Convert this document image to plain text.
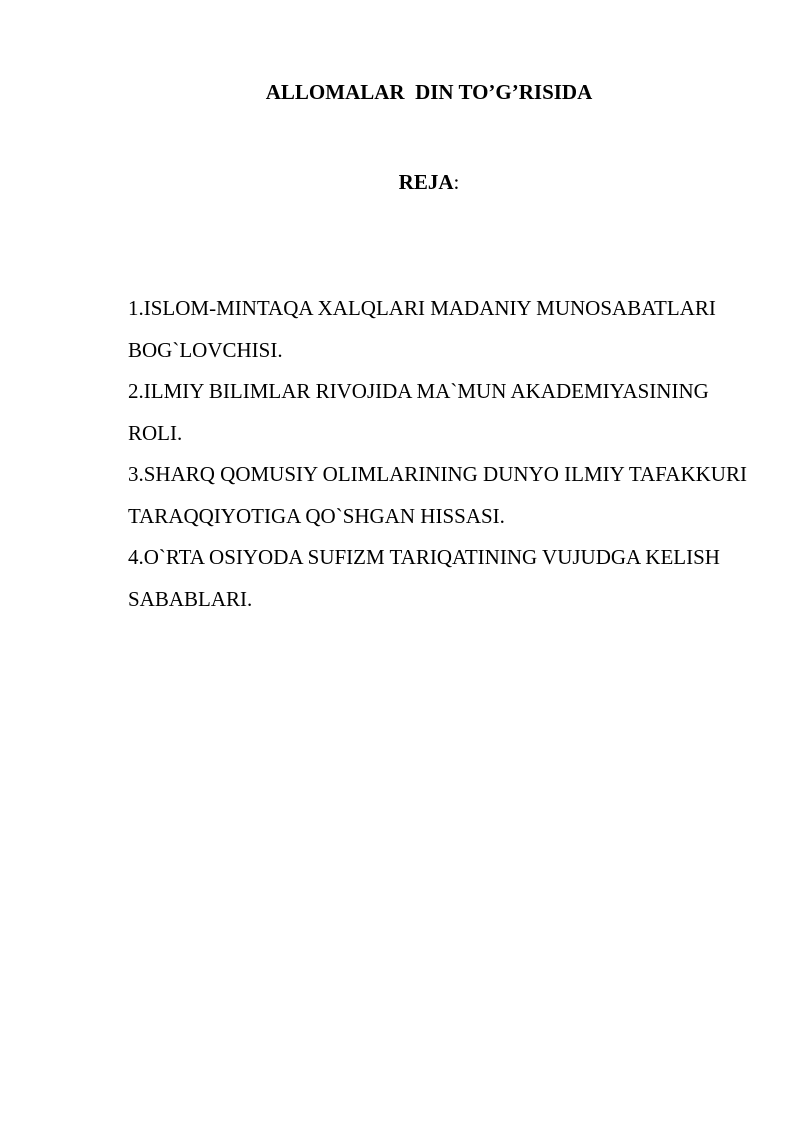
ALLOMALAR  DIN TO’G’RISIDA

REJA:

1.ISLOM-MINTAQA XALQLARI MADANIY MUNOSABATLARI BOG`LOVCHISI.
2.ILMIY BILIMLAR RIVOJIDA MA`MUN AKADEMIYASINING ROLI.
3.SHARQ QOMUSIY OLIMLARINING DUNYO ILMIY TAFAKKURI TARAQQIYOTIGA QO`SHGAN HISSASI.
4.O`RTA OSIYODA SUFIZM TARIQATINING VUJUDGA KELISH SABABLARI.
